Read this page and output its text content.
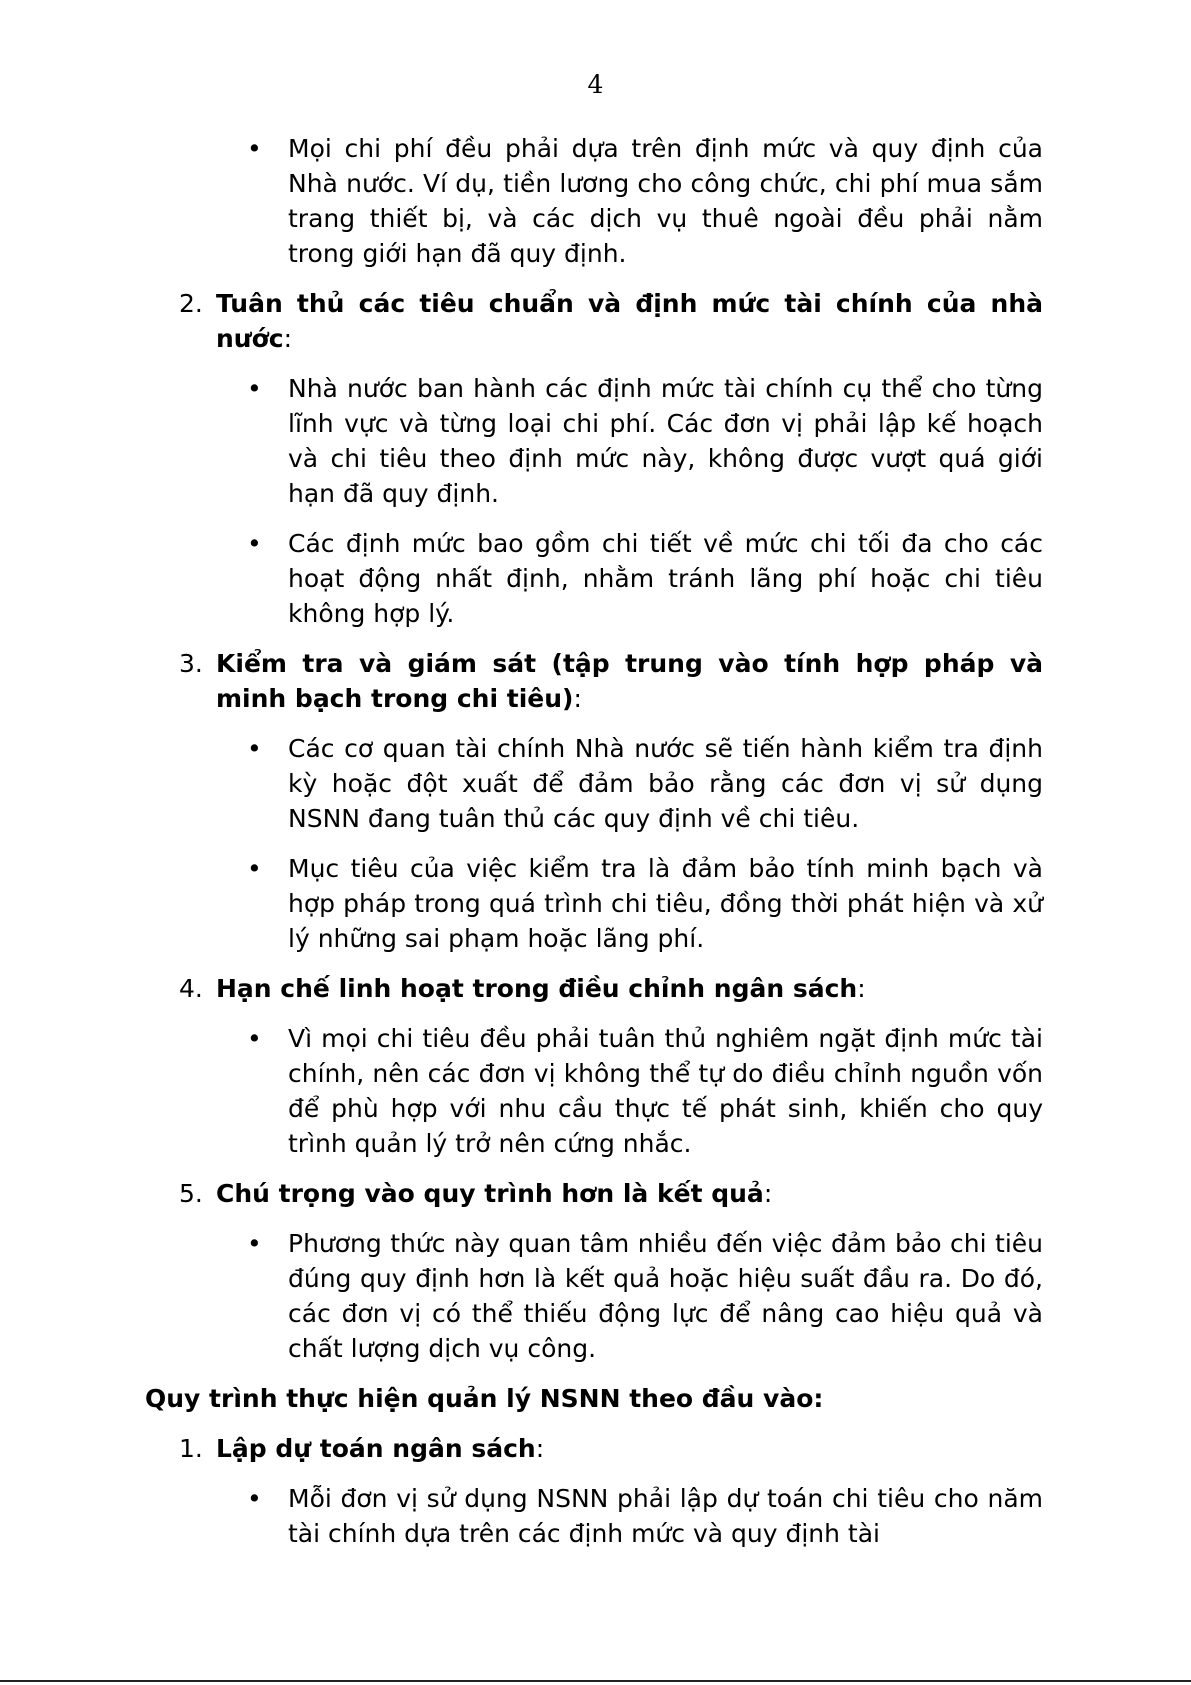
4
• Mọi chi phí đều phải dựa trên định mức và quy định của Nhà nước. Ví dụ, tiền lương cho công chức, chi phí mua sắm trang thiết bị, và các dịch vụ thuê ngoài đều phải nằm trong giới hạn đã quy định.
2. Tuân thủ các tiêu chuẩn và định mức tài chính của nhà nước:
• Nhà nước ban hành các định mức tài chính cụ thể cho từng lĩnh vực và từng loại chi phí. Các đơn vị phải lập kế hoạch và chi tiêu theo định mức này, không được vượt quá giới hạn đã quy định.
• Các định mức bao gồm chi tiết về mức chi tối đa cho các hoạt động nhất định, nhằm tránh lãng phí hoặc chi tiêu không hợp lý.
3. Kiểm tra và giám sát (tập trung vào tính hợp pháp và minh bạch trong chi tiêu):
• Các cơ quan tài chính Nhà nước sẽ tiến hành kiểm tra định kỳ hoặc đột xuất để đảm bảo rằng các đơn vị sử dụng NSNN đang tuân thủ các quy định về chi tiêu.
• Mục tiêu của việc kiểm tra là đảm bảo tính minh bạch và hợp pháp trong quá trình chi tiêu, đồng thời phát hiện và xử lý những sai phạm hoặc lãng phí.
4. Hạn chế linh hoạt trong điều chỉnh ngân sách:
• Vì mọi chi tiêu đều phải tuân thủ nghiêm ngặt định mức tài chính, nên các đơn vị không thể tự do điều chỉnh nguồn vốn để phù hợp với nhu cầu thực tế phát sinh, khiến cho quy trình quản lý trở nên cứng nhắc.
5. Chú trọng vào quy trình hơn là kết quả:
• Phương thức này quan tâm nhiều đến việc đảm bảo chi tiêu đúng quy định hơn là kết quả hoặc hiệu suất đầu ra. Do đó, các đơn vị có thể thiếu động lực để nâng cao hiệu quả và chất lượng dịch vụ công.
Quy trình thực hiện quản lý NSNN theo đầu vào:
1. Lập dự toán ngân sách:
• Mỗi đơn vị sử dụng NSNN phải lập dự toán chi tiêu cho năm tài chính dựa trên các định mức và quy định tài
